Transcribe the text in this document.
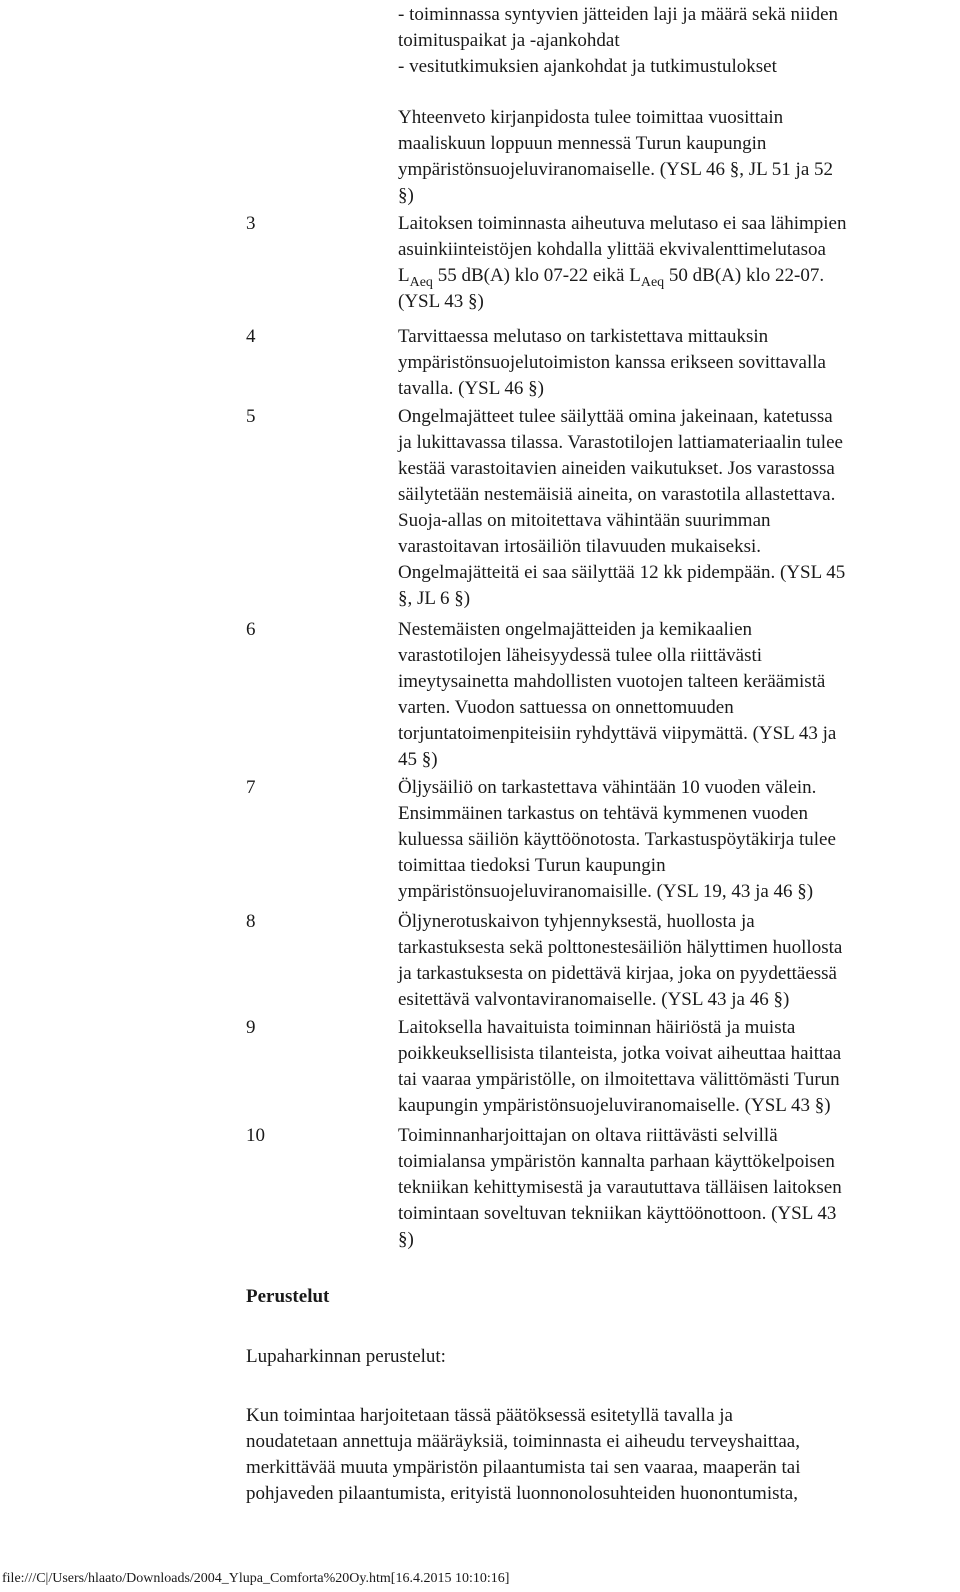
- toiminnassa syntyvien jätteiden laji ja määrä sekä niiden
toimituspaikat ja -ajankohdat
- vesitutkimuksien ajankohdat ja tutkimustulokset
Yhteenveto kirjanpidosta tulee toimittaa vuosittain
maaliskuun loppuun mennessä Turun kaupungin
ympäristönsuojeluviranomaiselle. (YSL 46 §, JL 51 ja 52
§)
3	Laitoksen toiminnasta aiheutuva melutaso ei saa lähimpien
asuinkiinteistöjen kohdalla ylittää ekvivalenttimelutasoa
$L_{Aeq}$ 55 dB(A) klo 07-22 eikä $L_{Aeq}$ 50 dB(A) klo 22-07.
(YSL 43 §)
4	Tarvittaessa melutaso on tarkistettava mittauksin
ympäristönsuojelutoimiston kanssa erikseen sovittavalla
tavalla. (YSL 46 §)
5	Ongelmajätteet tulee säilyttää omina jakeinaan, katetussa
ja lukittavassa tilassa. Varastotilojen lattiamateriaalin tulee
kestää varastoitavien aineiden vaikutukset. Jos varastossa
säilytetään nestemäisiä aineita, on varastotila allastettava.
Suoja-allas on mitoitettava vähintään suurimman
varastoitavan irtosäiliön tilavuuden mukaiseksi.
Ongelmajätteitä ei saa säilyttää 12 kk pidempään. (YSL 45
§, JL 6 §)
6	Nestemäisten ongelmajätteiden ja kemikaalien
varastotilojen läheisyydessä tulee olla riittävästi
imeytysainetta mahdollisten vuotojen talteen keräämistä
varten. Vuodon sattuessa on onnettomuuden
torjuntatoimenpiteisiin ryhdyttävä viipymättä. (YSL 43 ja
45 §)
7	Öljysäiliö on tarkastettava vähintään 10 vuoden välein.
Ensimmäinen tarkastus on tehtävä kymmenen vuoden
kuluessa säiliön käyttöönotosta. Tarkastuspöytäkirja tulee
toimittaa tiedoksi Turun kaupungin
ympäristönsuojeluviranomaisille. (YSL 19, 43 ja 46 §)
8	Öljynerotuskaivon tyhjennyksestä, huollosta ja
tarkastuksesta sekä polttonestesäiliön hälyttimen huollosta
ja tarkastuksesta on pidettävä kirjaa, joka on pyydettäessä
esitettävä valvontaviranomaiselle. (YSL 43 ja 46 §)
9	Laitoksella havaituista toiminnan häiriöstä ja muista
poikkeuksellisista tilanteista, jotka voivat aiheuttaa haittaa
tai vaaraa ympäristölle, on ilmoitettava välittömästi Turun
kaupungin ympäristönsuojeluviranomaiselle. (YSL 43 §)
10	Toiminnanharjoittajan on oltava riittävästi selvillä
toimialansa ympäristön kannalta parhaan käyttökelpoisen
tekniikan kehittymisestä ja varaututtava tälläisen laitoksen
toimintaan soveltuvan tekniikan käyttöönottoon. (YSL 43
§)
Perustelut
Lupaharkinnan perustelut:
Kun toimintaa harjoitetaan tässä päätöksessä esitetyllä tavalla ja
noudatetaan annettuja määräyksiä, toiminnasta ei aiheudu terveyshaittaa,
merkittävää muuta ympäristön pilaantumista tai sen vaaraa, maaperän tai
pohjaveden pilaantumista, erityistä luonnonolosuhteiden huonontumista,
file:///C|/Users/hlaato/Downloads/2004_Ylupa_Comforta%20Oy.htm[16.4.2015 10:10:16]
